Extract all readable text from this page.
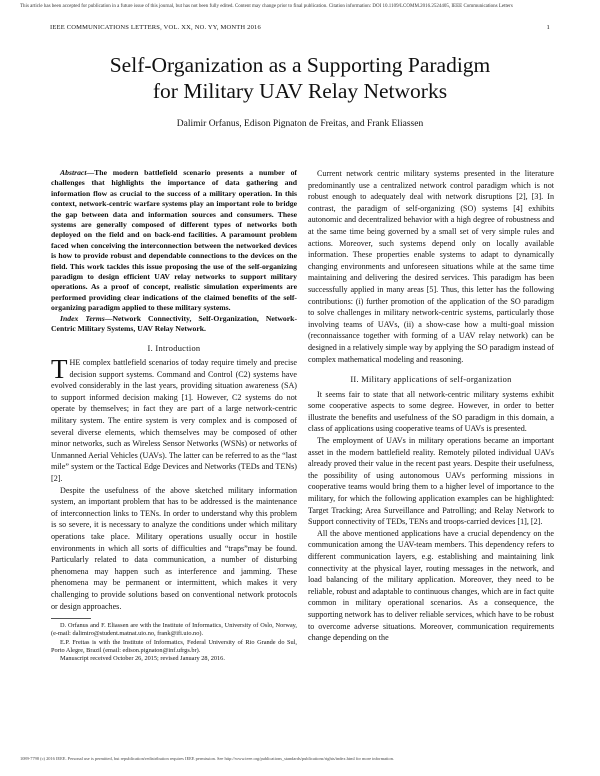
This article has been accepted for publication in a future issue of this journal, but has not been fully edited. Content may change prior to final publication. Citation information: DOI 10.1109/LCOMM.2016.2524405, IEEE Communications Letters
IEEE COMMUNICATIONS LETTERS, VOL. XX, NO. YY, MONTH 2016	1
Self-Organization as a Supporting Paradigm
for Military UAV Relay Networks
Dalimir Orfanus, Edison Pignaton de Freitas, and Frank Eliassen

Abstract—The modern battlefield scenario presents a number of challenges that highlights the importance of data gathering and information flow as crucial to the success of a military operation. In this context, network-centric warfare systems play an important role to bridge the gap between data and information sources and consumers. These systems are generally composed of different types of networks both deployed on the field and on back-end facilities. A paramount problem faced when conceiving the interconnection between the networked devices is how to provide robust and dependable connections to the devices on the field. This work tackles this issue proposing the use of the self-organizing paradigm to design efficient UAV relay networks to support military operations. As a proof of concept, realistic simulation experiments are performed providing clear indications of the claimed benefits of the self-organizing paradigm applied to these military systems.

Index Terms—Network Connectivity, Self-Organization, Network-Centric Military Systems, UAV Relay Network.

I. Introduction

THE complex battlefield scenarios of today require timely and precise decision support systems. Command and Control (C2) systems have evolved considerably in the last years, providing situation awareness (SA) to support informed decision making [1]. However, C2 systems do not operate by themselves; in fact they are part of a large network-centric military system. The entire system is very complex and is composed of several diverse elements, which themselves may be composed of other minor networks, such as Wireless Sensor Networks (WSNs) or networks of Unmanned Aerial Vehicles (UAVs). The latter can be referred to as the “last mile” system or the Tactical Edge Devices and Networks (TEDs and TENs) [2].

Despite the usefulness of the above sketched military information system, an important problem that has to be addressed is the maintenance of interconnection links to TENs. In order to understand why this problem is so severe, it is necessary to analyze the conditions under which military operations take place. Military operations usually occur in hostile environments in which all sorts of difficulties and “traps”may be found. Particularly related to data communication, a number of disturbing phenomena may happen such as interference and jamming. These phenomena may be permanent or intermittent, which makes it very challenging to provide solutions based on conventional network protocols or design approaches.

D. Orfanus and F. Eliassen are with the Institute of Informatics, University of Oslo, Norway, (e-mail: dalimiro@student.matnat.uio.no, frank@ifi.uio.no).

E.P. Freitas is with the Institute of Informatics, Federal University of Rio Grande do Sul, Porto Alegre, Brazil (email: edison.pignaton@inf.ufrgs.br).

Manuscript received October 26, 2015; revised January 28, 2016.

Current network centric military systems presented in the literature predominantly use a centralized network control paradigm which is not robust enough to adequately deal with network disruptions [2], [3]. In contrast, the paradigm of self-organizing (SO) systems [4] exhibits autonomic and decentralized behavior with a high degree of robustness and at the same time being governed by a small set of very simple rules and actions. Moreover, such systems depend only on locally available information. These properties enable systems to adapt to dynamically changing environments and unforeseen situations while at the same time maintaining and delivering the desired services. This paradigm has been successfully applied in many areas [5]. Thus, this letter has the following contributions: (i) further promotion of the application of the SO paradigm to solve challenges in military network-centric systems, particularly those involving teams of UAVs, (ii) a show-case how a multi-goal mission (reconnaissance together with forming of a UAV relay network) can be designed in a relatively simple way by applying the SO paradigm instead of complex mathematical modeling and reasoning.

II. Military applications of self-organization

It seems fair to state that all network-centric military systems exhibit some cooperative aspects to some degree. However, in order to better illustrate the benefits and usefulness of the SO paradigm in this domain, a class of applications using cooperative teams of UAVs is presented.

The employment of UAVs in military operations became an important asset in the modern battlefield reality. Remotely piloted individual UAVs already proved their value in the recent past years. Despite their usefulness, the possibility of using autonomous UAVs performing missions in cooperative teams would bring them to a higher level of importance to the military, for which the following application examples can be highlighted: Target Tracking; Area Surveillance and Patrolling; and Relay Network to Support connectivity of TEDs, TENs and troops-carried devices [1], [2].

All the above mentioned applications have a crucial dependency on the communication among the UAV-team members. This dependency refers to different communication layers, e.g. establishing and maintaining link connectivity at the physical layer, routing messages in the network, and load balancing of the military application. Moreover, they need to be reliable, robust and adaptable to continuous changes, which are in fact quite common in military operational scenarios. As a consequence, the supporting network has to deliver reliable services, which have to be robust to overcome adverse situations. Moreover, communication requirements change depending on the

1089-7798 (c) 2016 IEEE. Personal use is permitted, but republication/redistribution requires IEEE permission. See http://www.ieee.org/publications_standards/publications/rights/index.html for more information.
